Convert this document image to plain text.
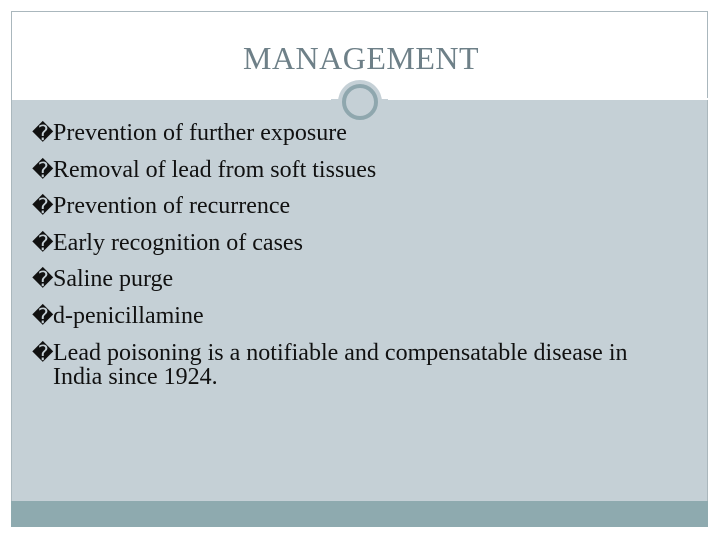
MANAGEMENT
� Prevention of further exposure
� Removal of lead from soft tissues
� Prevention of recurrence
� Early recognition of cases
� Saline purge
� d-penicillamine
� Lead poisoning is a notifiable and compensatable disease in India since 1924.
